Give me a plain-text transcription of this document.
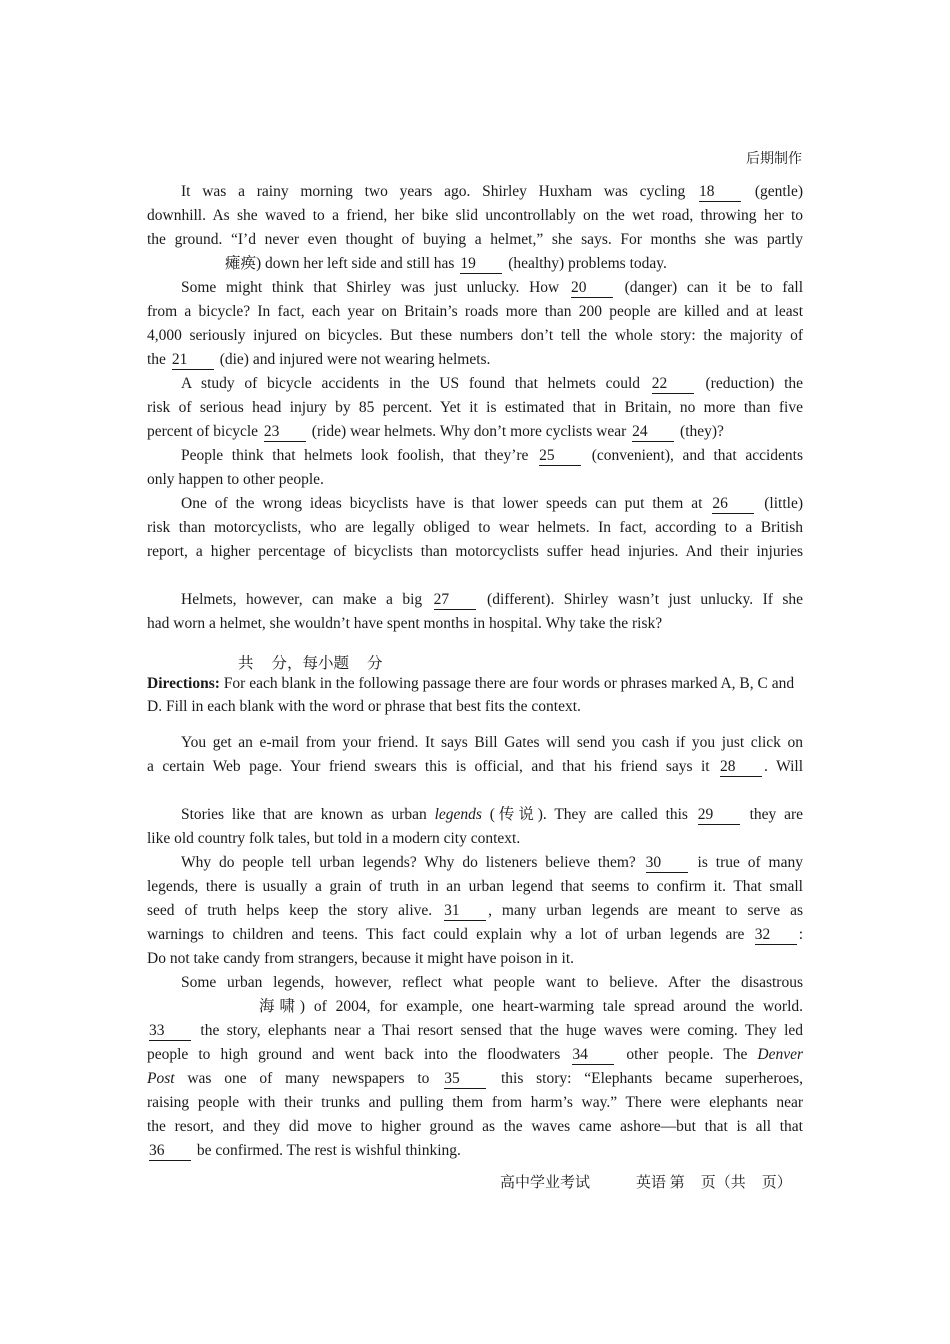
后期制作
It was a rainy morning two years ago. Shirley Huxham was cycling 18	(gentle)
downhill. As she waved to a friend, her bike slid uncontrollably on the wet road, throwing her to
the ground. “I’d never even thought of buying a helmet,” she says. For months she was partly
瘫痪) down her left side and still has 19 (healthy) problems today.
Some might think that Shirley was just unlucky. How 20 (danger) can it be to fall
from a bicycle? In fact, each year on Britain’s roads more than 200 people are killed and at least
4,000 seriously injured on bicycles. But these numbers don’t tell the whole story: the majority of
the 21 (die) and injured were not wearing helmets.
A study of bicycle accidents in the US found that helmets could 22 (reduction) the
risk of serious head injury by 85 percent. Yet it is estimated that in Britain, no more than five
percent of bicycle 23 (ride) wear helmets. Why don’t more cyclists wear 24 (they)?
People think that helmets look foolish, that they’re 25 (convenient), and that accidents
only happen to other people.
One of the wrong ideas bicyclists have is that lower speeds can put them at 26 (little)
risk than motorcyclists, who are legally obliged to wear helmets. In fact, according to a British
report, a higher percentage of bicyclists than motorcyclists suffer head injuries. And their injuries

Helmets, however, can make a big 27 (different). Shirley wasn’t just unlucky. If she
had worn a helmet, she wouldn’t have spent months in hospital. Why take the risk?
共 分，每小题 分
Directions: For each blank in the following passage there are four words or phrases marked A, B, C and D. Fill in each blank with the word or phrase that best fits the context.
You get an e-mail from your friend. It says Bill Gates will send you cash if you just click on
a certain Web page. Your friend swears this is official, and that his friend says it 28 . Will

Stories like that are known as urban legends (传说). They are called this 29 they are
like old country folk tales, but told in a modern city context.
Why do people tell urban legends? Why do listeners believe them? 30 is true of many
legends, there is usually a grain of truth in an urban legend that seems to confirm it. That small
seed of truth helps keep the story alive. 31 , many urban legends are meant to serve as
warnings to children and teens. This fact could explain why a lot of urban legends are 32 :
Do not take candy from strangers, because it might have poison in it.
Some urban legends, however, reflect what people want to believe. After the disastrous
海啸) of 2004, for example, one heart-warming tale spread around the world.
33 the story, elephants near a Thai resort sensed that the huge waves were coming. They led
people to high ground and went back into the floodwaters 34 other people. The Denver
Post was one of many newspapers to 35	this story: “Elephants became superheroes,
raising people with their trunks and pulling them from harm’s way.” There were elephants near
the resort, and they did move to higher ground as the waves came ashore—but that is all that
36 be confirmed. The rest is wishful thinking.
高中学业考试	英语 第 页（共 页）
